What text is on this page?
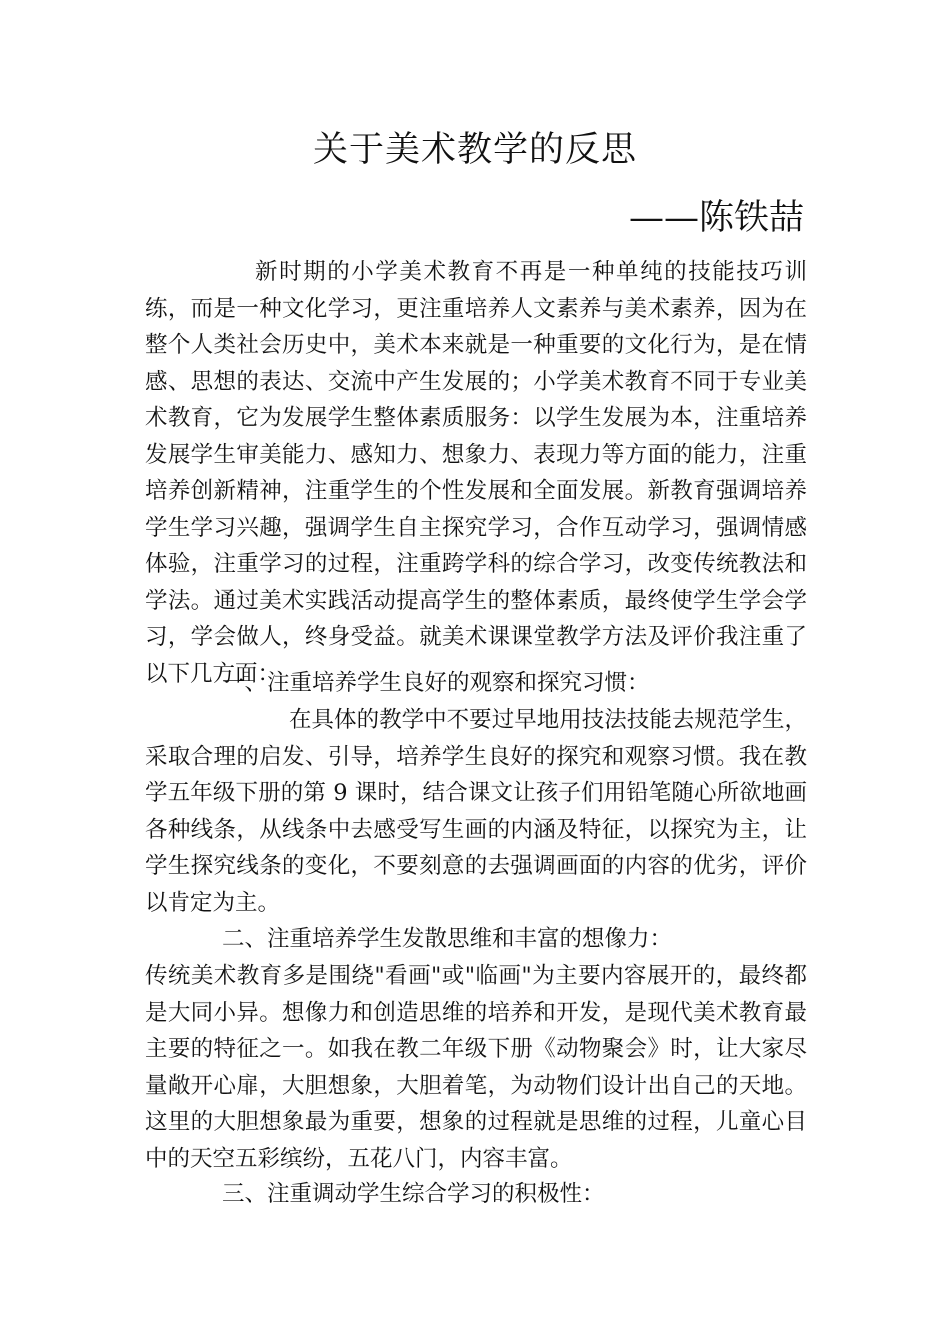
关于美术教学的反思

——陈铁喆

新时期的小学美术教育不再是一种单纯的技能技巧训练，而是一种文化学习，更注重培养人文素养与美术素养，因为在整个人类社会历史中，美术本来就是一种重要的文化行为，是在情感、思想的表达、交流中产生发展的；小学美术教育不同于专业美术教育，它为发展学生整体素质服务：以学生发展为本，注重培养发展学生审美能力、感知力、想象力、表现力等方面的能力，注重培养创新精神，注重学生的个性发展和全面发展。新教育强调培养学生学习兴趣，强调学生自主探究学习，合作互动学习，强调情感体验，注重学习的过程，注重跨学科的综合学习，改变传统教法和学法。通过美术实践活动提高学生的整体素质，最终使学生学会学习，学会做人，终身受益。就美术课课堂教学方法及评价我注重了以下几方面：

一、注重培养学生良好的观察和探究习惯：

在具体的教学中不要过早地用技法技能去规范学生，采取合理的启发、引导，培养学生良好的探究和观察习惯。我在教学五年级下册的第 9 课时，结合课文让孩子们用铅笔随心所欲地画各种线条，从线条中去感受写生画的内涵及特征，以探究为主，让学生探究线条的变化，不要刻意的去强调画面的内容的优劣，评价以肯定为主。

二、注重培养学生发散思维和丰富的想像力：

传统美术教育多是围绕"看画"或"临画"为主要内容展开的，最终都是大同小异。想像力和创造思维的培养和开发，是现代美术教育最主要的特征之一。如我在教二年级下册《动物聚会》时，让大家尽量敞开心扉，大胆想象，大胆着笔，为动物们设计出自己的天地。这里的大胆想象最为重要，想象的过程就是思维的过程，儿童心目中的天空五彩缤纷，五花八门，内容丰富。

三、注重调动学生综合学习的积极性：
